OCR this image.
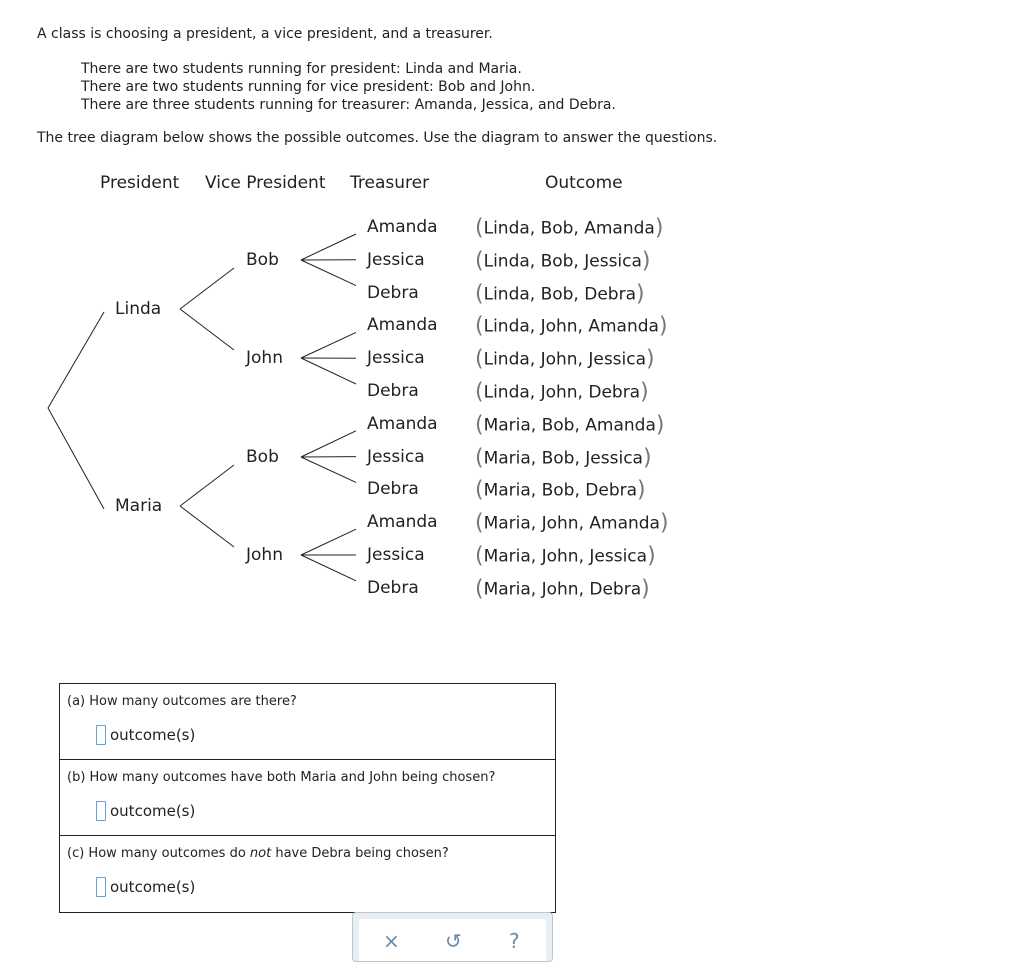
A class is choosing a president, a vice president, and a treasurer.
There are two students running for president: Linda and Maria.
There are two students running for vice president: Bob and John.
There are three students running for treasurer: Amanda, Jessica, and Debra.
The tree diagram below shows the possible outcomes. Use the diagram to answer the questions.
President Vice President Treasurer	Outcome
Linda
Maria
Bob
John
Bob
John
Amanda
Jessica
Debra
Amanda
Jessica
Debra
Amanda
Jessica
Debra
Amanda
Jessica
Debra
(Linda, Bob, Amanda)
(Linda, Bob, Jessica)
(Linda, Bob, Debra)
(Linda, John, Amanda)
(Linda, John, Jessica)
(Linda, John, Debra)
(Maria, Bob, Amanda)
(Maria, Bob, Jessica)
(Maria, Bob, Debra)
(Maria, John, Amanda)
(Maria, John, Jessica)
(Maria, John, Debra)
(a) How many outcomes are there?
outcome(s)
(b) How many outcomes have both Maria and John being chosen?
outcome(s)
(c) How many outcomes do not have Debra being chosen?
outcome(s)
× ↺ ?
